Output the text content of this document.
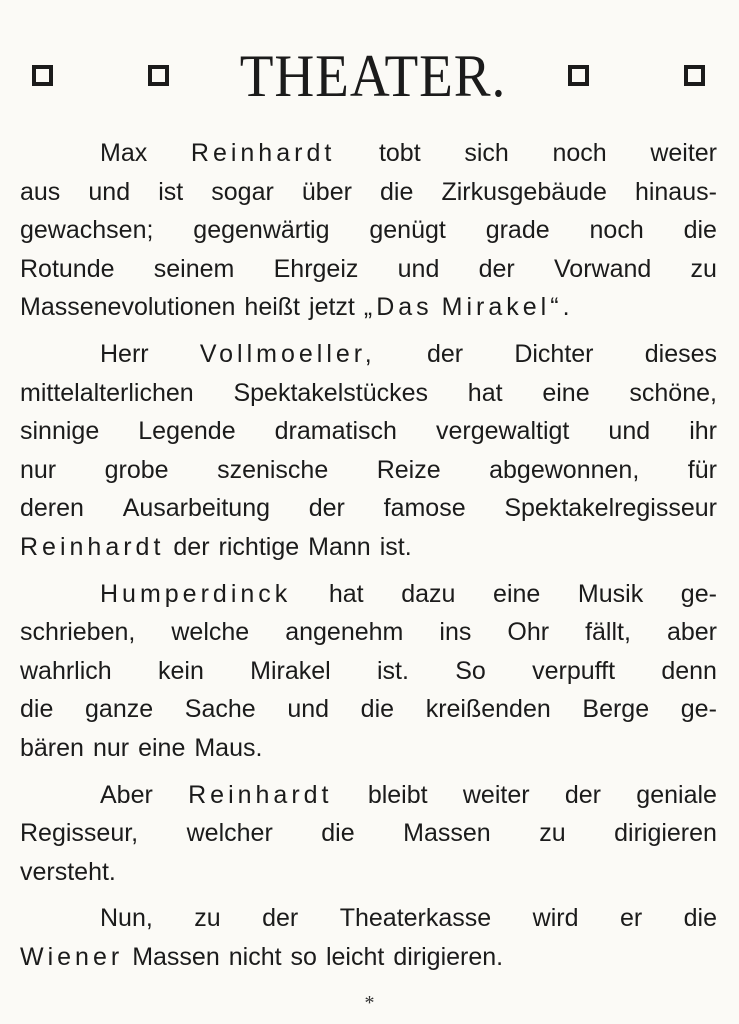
THEATER.
Max Reinhardt tobt sich noch weiter
aus und ist sogar über die Zirkusgebäude hinaus-
gewachsen; gegenwärtig genügt grade noch die
Rotunde seinem Ehrgeiz und der Vorwand zu
Massenevolutionen heißt jetzt „Das Mirakel“.
Herr Vollmoeller, der Dichter dieses
mittelalterlichen Spektakelstückes hat eine schöne,
sinnige Legende dramatisch vergewaltigt und ihr
nur grobe szenische Reize abgewonnen, für
deren Ausarbeitung der famose Spektakelregisseur
Reinhardt der richtige Mann ist.
Humperdinck hat dazu eine Musik ge-
schrieben, welche angenehm ins Ohr fällt, aber
wahrlich kein Mirakel ist. So verpufft denn
die ganze Sache und die kreißenden Berge ge-
bären nur eine Maus.
Aber Reinhardt bleibt weiter der geniale
Regisseur, welcher die Massen zu dirigieren
versteht.
Nun, zu der Theaterkasse wird er die
Wiener Massen nicht so leicht dirigieren.
*
